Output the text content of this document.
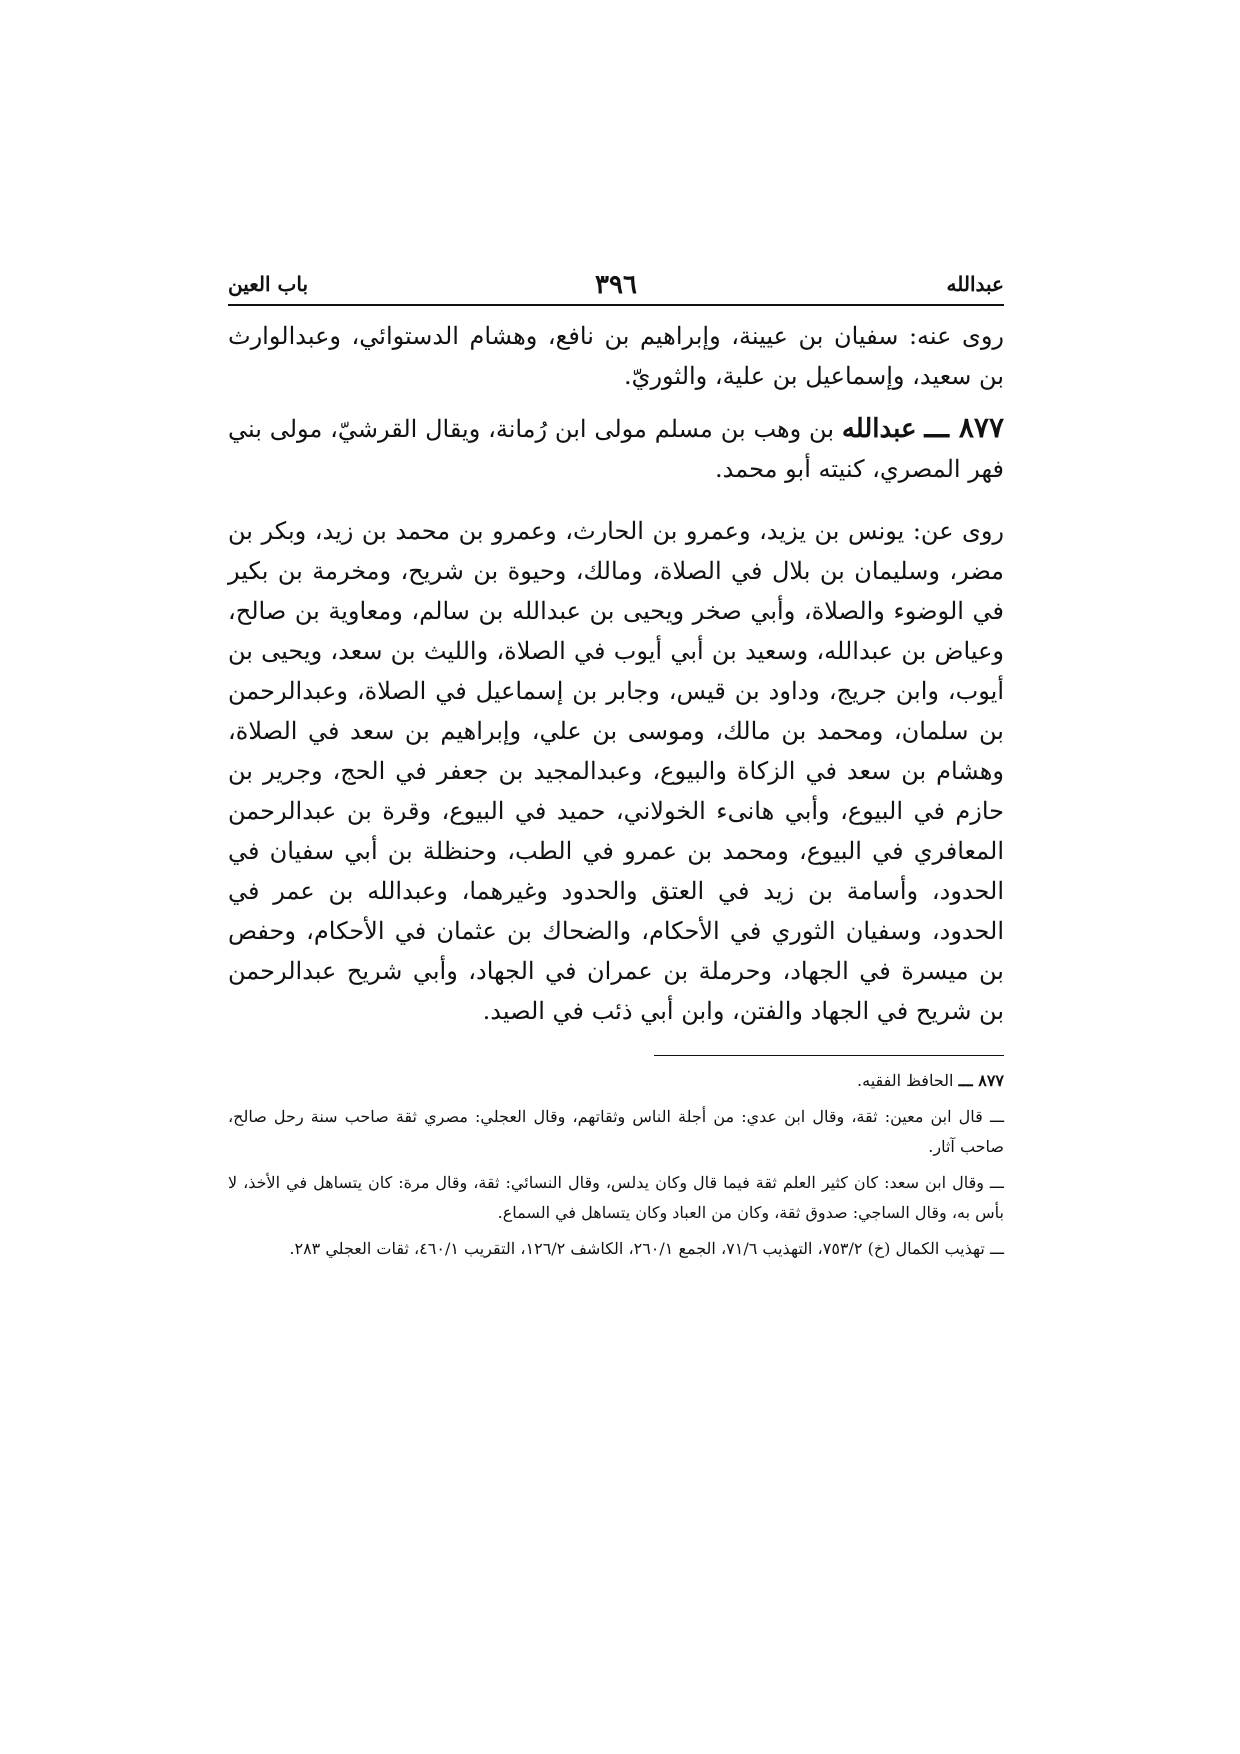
عبدالله
٣٩٦
باب العين

روى عنه: سفيان بن عيينة، وإبراهيم بن نافع، وهشام الدستوائي، وعبدالوارث بن سعيد، وإسماعيل بن علية، والثوريّ.

٨٧٧ ـــ عبدالله بن وهب بن مسلم مولى ابن رُمانة، ويقال القرشيّ، مولى بني فهر المصري، كنيته أبو محمد.

روى عن: يونس بن يزيد، وعمرو بن الحارث، وعمرو بن محمد بن زيد، وبكر بن مضر، وسليمان بن بلال في الصلاة، ومالك، وحيوة بن شريح، ومخرمة بن بكير في الوضوء والصلاة، وأبي صخر ويحيى بن عبدالله بن سالم، ومعاوية بن صالح، وعياض بن عبدالله، وسعيد بن أبي أيوب في الصلاة، والليث بن سعد، ويحيى بن أيوب، وابن جريج، وداود بن قيس، وجابر بن إسماعيل في الصلاة، وعبدالرحمن بن سلمان، ومحمد بن مالك، وموسى بن علي، وإبراهيم بن سعد في الصلاة، وهشام بن سعد في الزكاة والبيوع، وعبدالمجيد بن جعفر في الحج، وجرير بن حازم في البيوع، وأبي هانىء الخولاني، حميد في البيوع، وقرة بن عبدالرحمن المعافري في البيوع، ومحمد بن عمرو في الطب، وحنظلة بن أبي سفيان في الحدود، وأسامة بن زيد في العتق والحدود وغيرهما، وعبدالله بن عمر في الحدود، وسفيان الثوري في الأحكام، والضحاك بن عثمان في الأحكام، وحفص بن ميسرة في الجهاد، وحرملة بن عمران في الجهاد، وأبي شريح عبدالرحمن بن شريح في الجهاد والفتن، وابن أبي ذئب في الصيد.

٨٧٧ ـــ الحافظ الفقيه.

ـــ قال ابن معين: ثقة، وقال ابن عدي: من أجلة الناس وثقاتهم، وقال العجلي: مصري ثقة صاحب سنة رحل صالح، صاحب آثار.

ـــ وقال ابن سعد: كان كثير العلم ثقة فيما قال وكان يدلس، وقال النسائي: ثقة، وقال مرة: كان يتساهل في الأخذ، لا بأس به، وقال الساجي: صدوق ثقة، وكان من العباد وكان يتساهل في السماع.

ـــ تهذيب الكمال (خ) ٧٥٣/٢، التهذيب ٧١/٦، الجمع ٢٦٠/١، الكاشف ١٢٦/٢، التقريب ٤٦٠/١، ثقات العجلي ٢٨٣.
